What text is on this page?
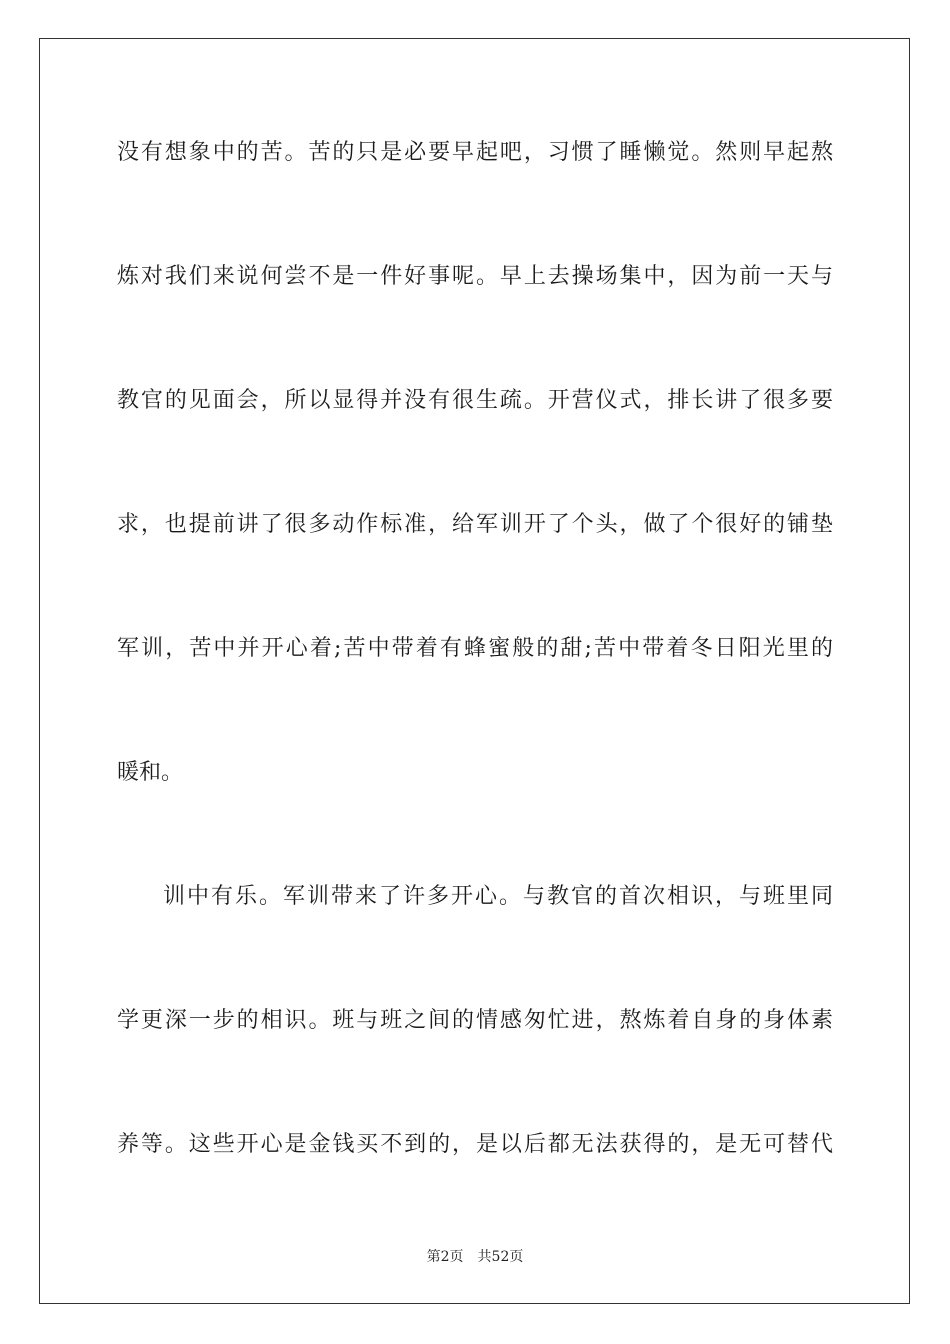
没有想象中的苦。苦的只是必要早起吧，习惯了睡懒觉。然则早起熬
炼对我们来说何尝不是一件好事呢。早上去操场集中，因为前一天与
教官的见面会，所以显得并没有很生疏。开营仪式，排长讲了很多要
求，也提前讲了很多动作标准，给军训开了个头，做了个很好的铺垫
军训，苦中并开心着;苦中带着有蜂蜜般的甜;苦中带着冬日阳光里的
暖和。
训中有乐。军训带来了许多开心。与教官的首次相识，与班里同
学更深一步的相识。班与班之间的情感匆忙进，熬炼着自身的身体素
养等。这些开心是金钱买不到的，是以后都无法获得的，是无可替代
第2页 共52页
